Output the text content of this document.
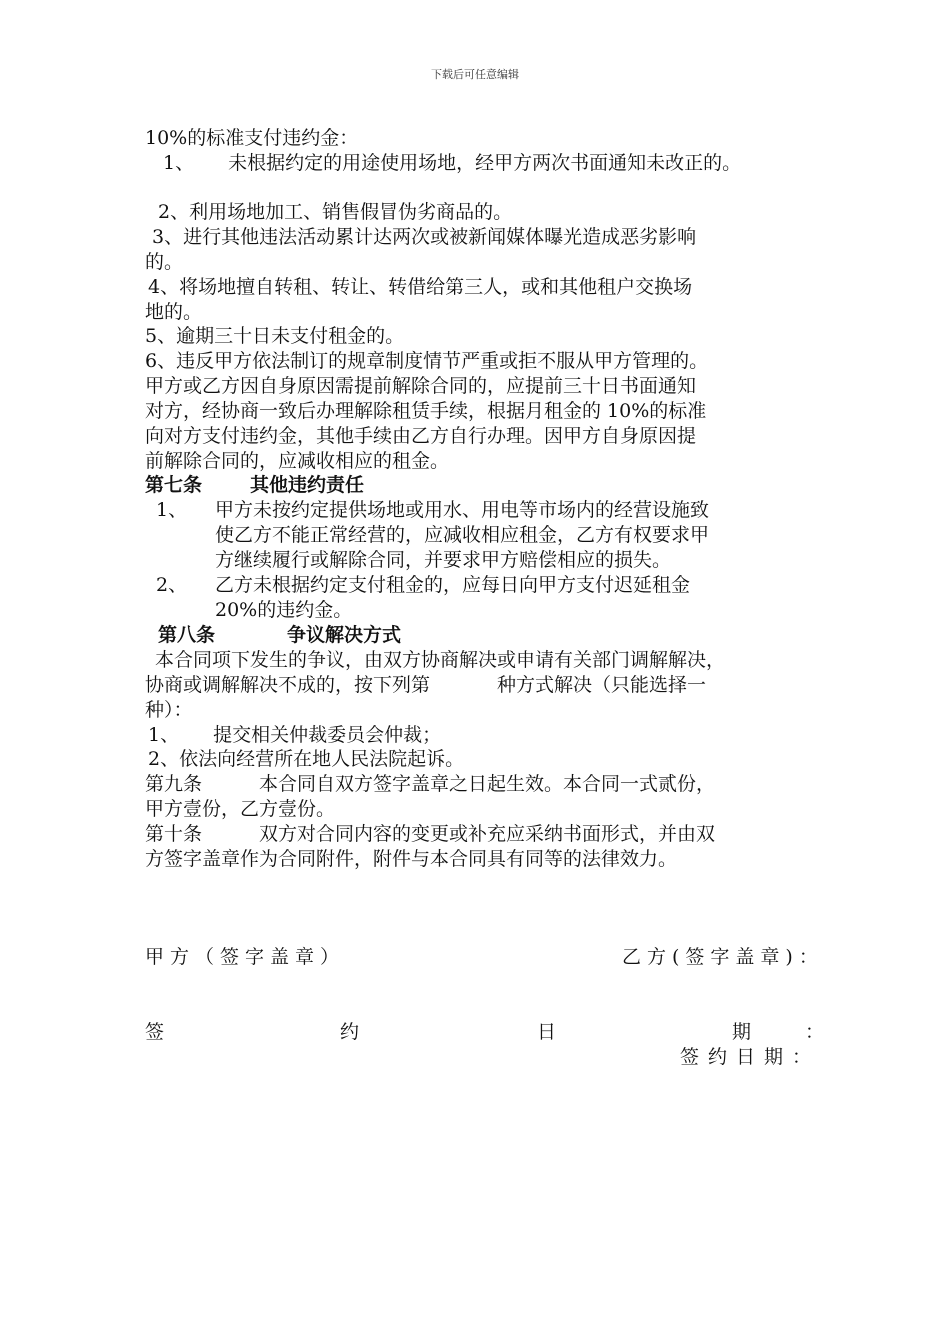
下载后可任意编辑
10%的标准支付违约金：
1、 未根据约定的用途使用场地，经甲方两次书面通知未改正的。
2、利用场地加工、销售假冒伪劣商品的。
3、进行其他违法活动累计达两次或被新闻媒体曝光造成恶劣影响
的。
4、将场地擅自转租、转让、转借给第三人，或和其他租户交换场
地的。
5、逾期三十日未支付租金的。
6、违反甲方依法制订的规章制度情节严重或拒不服从甲方管理的。
甲方或乙方因自身原因需提前解除合同的，应提前三十日书面通知
对方，经协商一致后办理解除租赁手续，根据月租金的 10%的标准
向对方支付违约金，其他手续由乙方自行办理。因甲方自身原因提
前解除合同的，应减收相应的租金。
第七条	其他违约责任
1、 甲方未按约定提供场地或用水、用电等市场内的经营设施致
使乙方不能正常经营的，应减收相应租金，乙方有权要求甲
方继续履行或解除合同，并要求甲方赔偿相应的损失。
2、 乙方未根据约定支付租金的，应每日向甲方支付迟延租金
20%的违约金。
第八条	争议解决方式
本合同项下发生的争议，由双方协商解决或申请有关部门调解解决，
协商或调解解决不成的，按下列第	种方式解决（只能选择一
种）：
1、 提交相关仲裁委员会仲裁；
2、依法向经营所在地人民法院起诉。
第九条	本合同自双方签字盖章之日起生效。本合同一式贰份，
甲方壹份，乙方壹份。
第十条	双方对合同内容的变更或补充应采纳书面形式，并由双
方签字盖章作为合同附件，附件与本合同具有同等的法律效力。
甲方（签字盖章）	乙方(签字盖章)：
签	约	日	期	：
签约日期：
